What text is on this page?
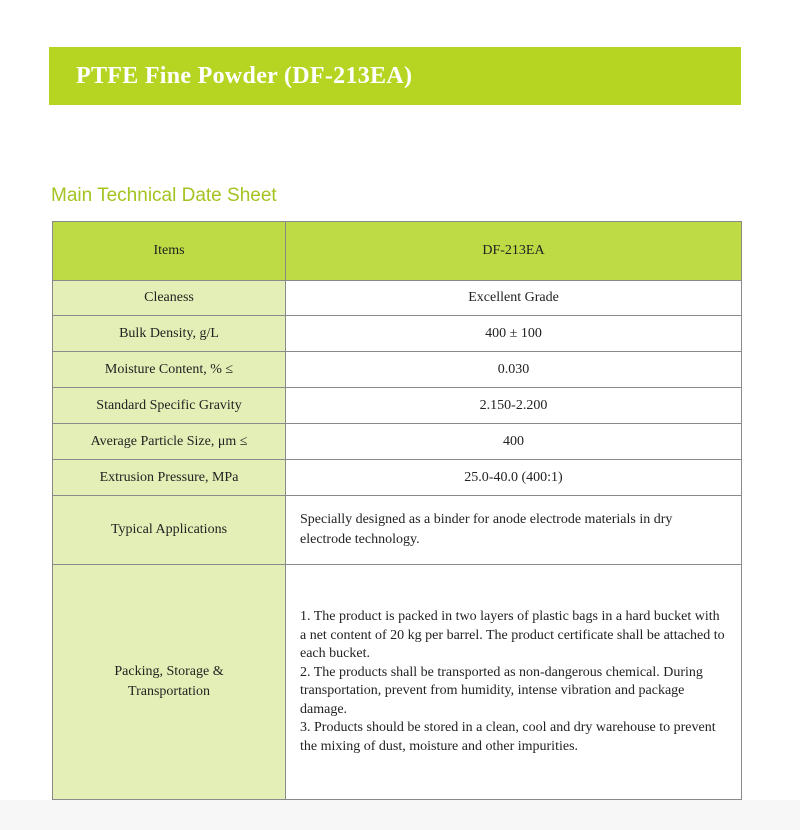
PTFE Fine Powder (DF-213EA)
Main Technical Date Sheet
Items	DF-213EA
Cleaness	Excellent Grade
Bulk Density, g/L	400 ± 100
Moisture Content, % ≤	0.030
Standard Specific Gravity	2.150-2.200
Average Particle Size, μm ≤	400
Extrusion Pressure, MPa	25.0-40.0 (400:1)
Typical Applications	Specially designed as a binder for anode electrode materials in dry electrode technology.
Packing, Storage & Transportation	1. The product is packed in two layers of plastic bags in a hard bucket with a net content of 20 kg per barrel. The product certificate shall be attached to each bucket.
2. The products shall be transported as non-dangerous chemical. During transportation, prevent from humidity, intense vibration and package damage.
3. Products should be stored in a clean, cool and dry warehouse to prevent the mixing of dust, moisture and other impurities.
